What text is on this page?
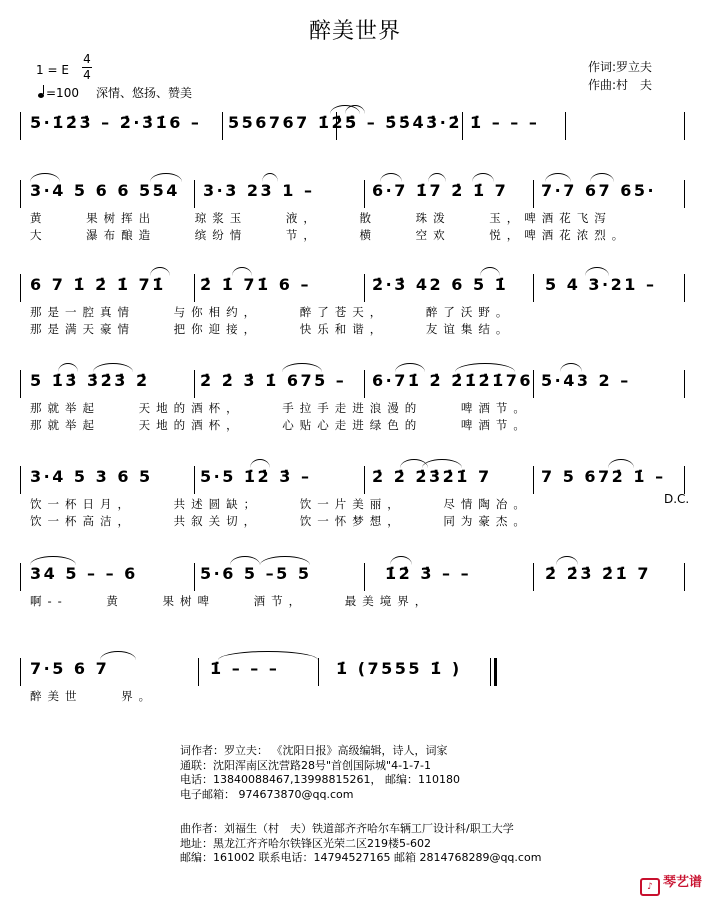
醉美世界
1 = E
4
4
=100 深情、悠扬、赞美
作词:罗立夫
作曲:村　夫
5·1̇2̇3̇ – 2̇·3̇1̇6 – 556767 1̇2̇5̇
5̇ – 5̇5̇4̇3̇·2̇ 1̇ – – –
3·4 5 6 6 554 3·3 23 1 –	6·7 1̇7 2̇ 1̇ 7 7·7 67 65·
黄    果树挥出    琼浆玉    液，    散    珠泼    玉，啤酒花飞泻
大    瀑布酿造    缤纷情    节，    横    空欢    悦，啤酒花浓烈。
6 7 1̇ 2̇ 1̇ 71̇ 2̇ 1̇ 71̇ 6 –	2̇·3̇ 42 6 5 1̇ 5 4 3·21 –
那是一腔真情    与你相约，    醉了苍天，    醉了沃野。
那是满天豪情    把你迎接，    快乐和谐，    友谊集结。
5 1̇3̇ 3̇2̇3̇ 2̇	2̇ 2̇ 3̇ 1̇ 675 – 6·71̇ 2̇ 2̇1̇2̇1̇76 5·43 2 –
那就举起    天地的酒杯，    手拉手走进浪漫的    啤酒节。
那就举起    天地的酒杯，    心贴心走进绿色的    啤酒节。
3·4 5 3 6 5	5·5 1̇2̇ 3̇ –	2̇ 2̇ 2̇3̇2̇1̇ 7	7 5 672̇ 1̇ –
饮一杯日月，    共述圆缺；    饮一片美丽，    尽情陶冶。
饮一杯高洁，    共叙关切，    饮一怀梦想，    同为豪杰。
34 5 – – 6	5·6 5 –5 5	1̇2̇ 3̇ – –	2̇ 2̇3̇ 2̇1̇ 7
啊--    黄    果树啤    酒节，    最美境界，
7·5 6 7	1̇ – – –	1̇ (7555 1̇ )
醉美世    界。
D.C.
词作者：罗立夫： 《沈阳日报》高级编辑，诗人，词家
通联：沈阳浑南区沈营路28号"首创国际城"4-1-7-1
电话：13840088467,13998815261， 邮编：110180
电子邮箱： 974673870@qq.com
曲作者：刘福生（村　夫）铁道部齐齐哈尔车辆工厂设计科/职工大学
地址：黑龙江齐齐哈尔铁锋区光荣二区219楼5-602
邮编：161002 联系电话：14794527165 邮箱 2814768289@qq.com
♪ 琴艺谱
